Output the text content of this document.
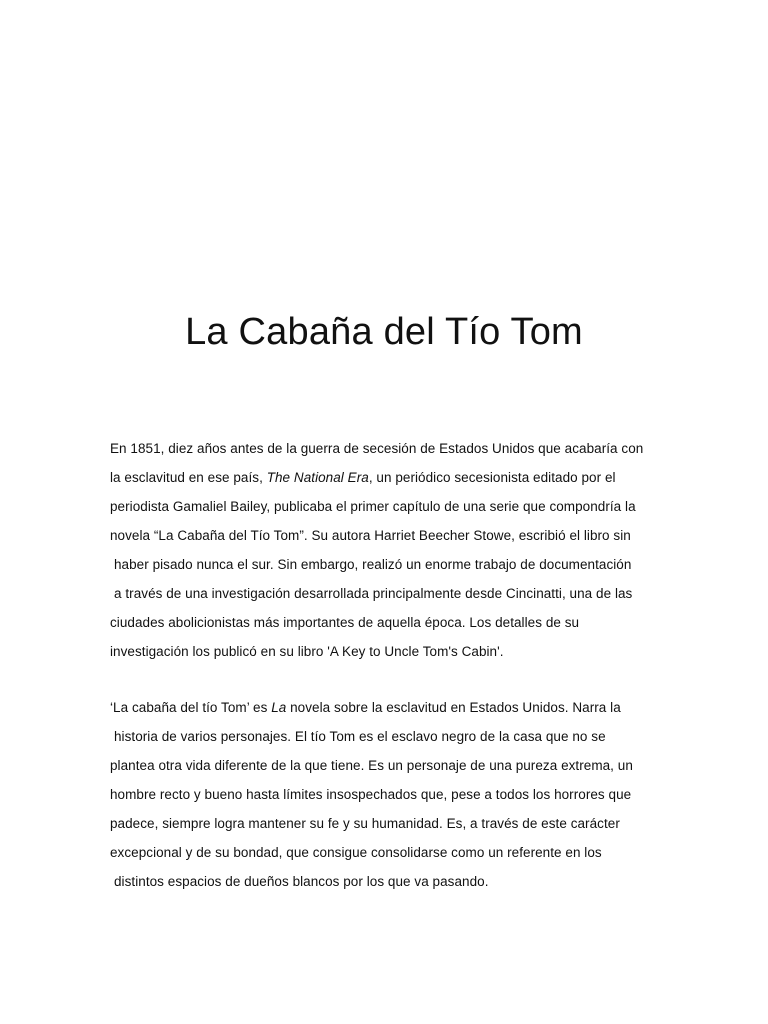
La Cabaña del Tío Tom
En 1851, diez años antes de la guerra de secesión de Estados Unidos que acabaría con
la esclavitud en ese país, The National Era, un periódico secesionista editado por el
periodista Gamaliel Bailey, publicaba el primer capítulo de una serie que compondría la
novela “La Cabaña del Tío Tom”. Su autora Harriet Beecher Stowe, escribió el libro sin
haber pisado nunca el sur. Sin embargo, realizó un enorme trabajo de documentación
a través de una investigación desarrollada principalmente desde Cincinatti, una de las
ciudades abolicionistas más importantes de aquella época. Los detalles de su
investigación los publicó en su libro 'A Key to Uncle Tom's Cabin'.
‘La cabaña del tío Tom’ es La novela sobre la esclavitud en Estados Unidos. Narra la
historia de varios personajes. El tío Tom es el esclavo negro de la casa que no se
plantea otra vida diferente de la que tiene. Es un personaje de una pureza extrema, un
hombre recto y bueno hasta límites insospechados que, pese a todos los horrores que
padece, siempre logra mantener su fe y su humanidad. Es, a través de este carácter
excepcional y de su bondad, que consigue consolidarse como un referente en los
distintos espacios de dueños blancos por los que va pasando.
